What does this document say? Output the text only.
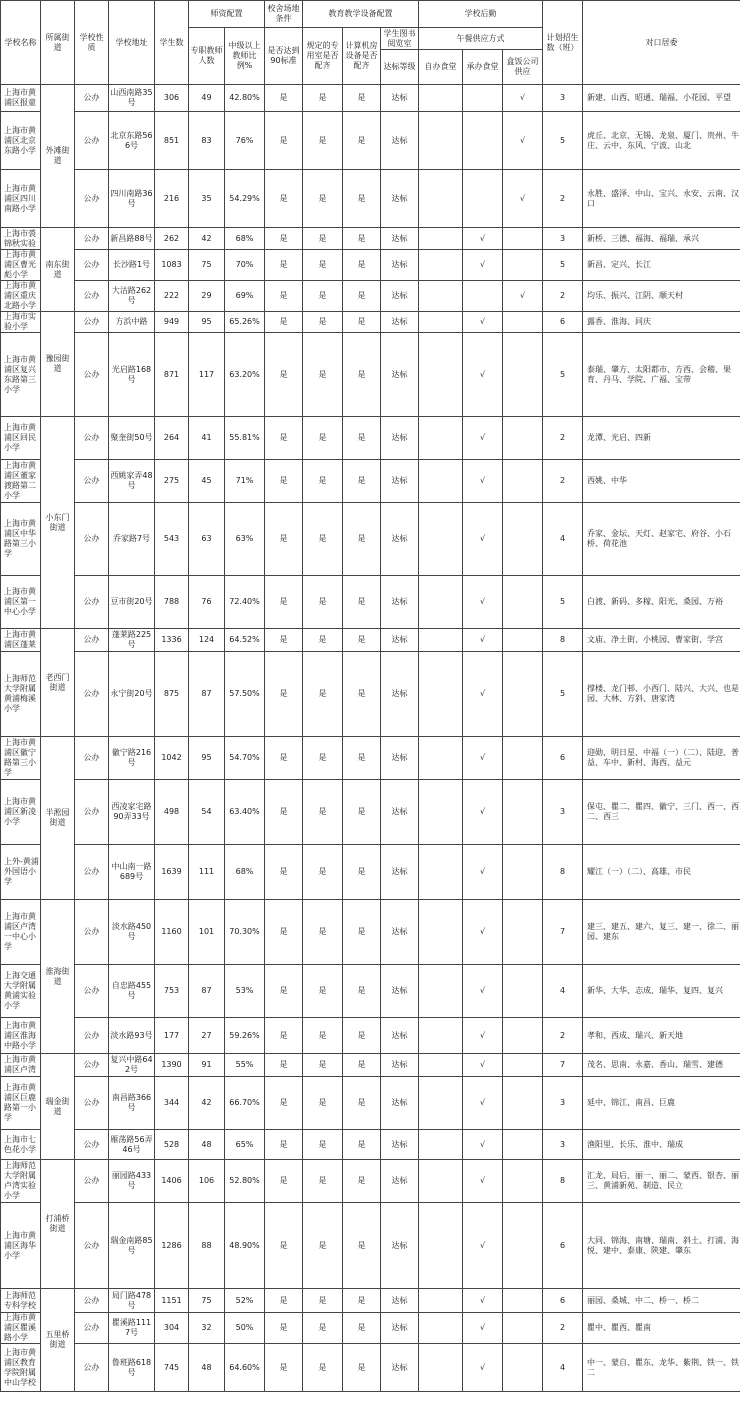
学校名称	所属街道	学校性质	学校地址	学生数	师资配置		校舍场地条件	教育教学设备配置			学校后勤			计划招生数（班）	对口居委
					专职教师人数	中级以上教师比例%	是否达到90标准	规定的专用室是否配齐	计算机房设备是否配齐	学生图书阅览室	午餐供应方式				
										达标等级	自办食堂	承办食堂	盒饭公司供应		
上海市黄浦区报童	外滩街道	公办	山西南路35号	306	49	42.80%	是	是	是	达标			√	3	新建、山西、昭通、瑞福、小花园、平望
上海市黄浦区北京东路小学		公办	北京东路566号	851	83	76%	是	是	是	达标			√	5	虎丘、北京、无锡、龙泉、厦门、贵州、牛庄、云中、东风、宁波、山北
上海市黄浦区四川南路小学		公办	四川南路36号	216	35	54.29%	是	是	是	达标			√	2	永胜、盛泽、中山、宝兴、永安、云南、汉口
上海市裘锦秋实验	南东街道	公办	新昌路88号	262	42	68%	是	是	是	达标		√		3	新桥、三德、福海、福瑞、承兴
上海市黄浦区曹光彪小学		公办	长沙路1号	1083	75	70%	是	是	是	达标		√		5	新昌、定兴、长江
上海市黄浦区重庆北路小学		公办	大沽路262号	222	29	69%	是	是	是	达标			√	2	均乐、振兴、江阴、顺天村
上海市实验小学	豫园街道	公办	方浜中路	949	95	65.26%	是	是	是	达标		√		6	露香、淮海、同庆
上海市黄浦区复兴东路第三小学		公办	光启路168号	871	117	63.20%	是	是	是	达标		√		5	泰瑞、肇方、太阳都市、方西、会稽、果育、丹马、学院、广福、宝带
上海市黄浦区回民小学	小东门街道	公办	聚奎街50号	264	41	55.81%	是	是	是	达标		√		2	龙潭、光启、四新
上海市黄浦区董家渡路第二小学		公办	西姚家弄48号	275	45	71%	是	是	是	达标		√		2	西姚、中华
上海市黄浦区中华路第三小学		公办	乔家路7号	543	63	63%	是	是	是	达标		√		4	乔家、金坛、天灯、赵家宅、府谷、小石桥、荷花池
上海市黄浦区第一中心小学		公办	豆市街20号	788	76	72.40%	是	是	是	达标		√		5	白渡、新码、多稼、阳光、桑园、万裕
上海市黄浦区蓬莱	老西门街道	公办	蓬莱路225号	1336	124	64.52%	是	是	是	达标		√		8	文庙、净土街、小桃园、曹家街、学宫
上海师范大学附属黄浦梅溪小学		公办	永宁街20号	875	87	57.50%	是	是	是	达标		√		5	撑楼、龙门邨、小西门、陆兴、大兴、也是园、大林、方斜、唐家湾
上海市黄浦区徽宁路第三小学	半淞园街道	公办	徽宁路216号	1042	95	54.70%	是	是	是	达标		√		6	迎勋、明日星、中福（一）（二）、陆迎、普益、车中、新村、海西、益元
上海市黄浦区新凌小学		公办	西凌家宅路90弄33号	498	54	63.40%	是	是	是	达标		√		3	保屯、瞿二、瞿四、徽宁、三门、西一、西二、西三
上外-黄浦外国语小学		公办	中山南一路689号	1639	111	68%	是	是	是	达标		√		8	耀江（一）（二）、高雄、市民
上海市黄浦区卢湾一中心小学	淮海街道	公办	淡水路450号	1160	101	70.30%	是	是	是	达标		√		7	建三、建五、建六、复三、建一、徐二、丽园、建东
上海交通大学附属黄浦实验小学		公办	自忠路455号	753	87	53%	是	是	是	达标		√		4	新华、大华、志成、瑞华、复四、复兴
上海市黄浦区淮海中路小学		公办	淡水路93号	177	27	59.26%	是	是	是	达标		√		2	孝和、西成、瑞兴、新天地
上海市黄浦区卢湾	瑞金街道	公办	复兴中路642号	1390	91	55%	是	是	是	达标		√		7	茂名、思南、永嘉、香山、瑞雪、建德
上海市黄浦区巨鹿路第一小学		公办	南昌路366号	344	42	66.70%	是	是	是	达标		√		3	延中、锦江、南昌、巨鹿
上海市七色花小学		公办	雁荡路56弄46号	528	48	65%	是	是	是	达标		√		3	渔阳里、长乐、淮中、瑞成
上海师范大学附属卢湾实验小学	打浦桥街道	公办	丽园路433号	1406	106	52.80%	是	是	是	达标		√		8	汇龙、局后、丽一、丽二、蒙西、银杏、丽三、黄浦新苑、制造、民立
上海市黄浦区海华小学		公办	瑞金南路85号	1286	88	48.90%	是	是	是	达标		√		6	大同、锦海、南塘、瑞南、斜土、打浦、海悦、建中、泰康、陕建、肇东
上海师范专科学校	五里桥街道	公办	局门路478号	1151	75	52%	是	是	是	达标		√		6	丽园、桑城、中二、桥一、桥二
上海市黄浦区瞿溪路小学		公办	瞿溪路1117号	304	32	50%	是	是	是	达标		√		2	瞿中、瞿西、瞿南
上海市黄浦区教育学院附属中山学校		公办	鲁班路618号	745	48	64.60%	是	是	是	达标		√		4	中一、蒙自、瞿东、龙华、紫荆、铁一、铁二
